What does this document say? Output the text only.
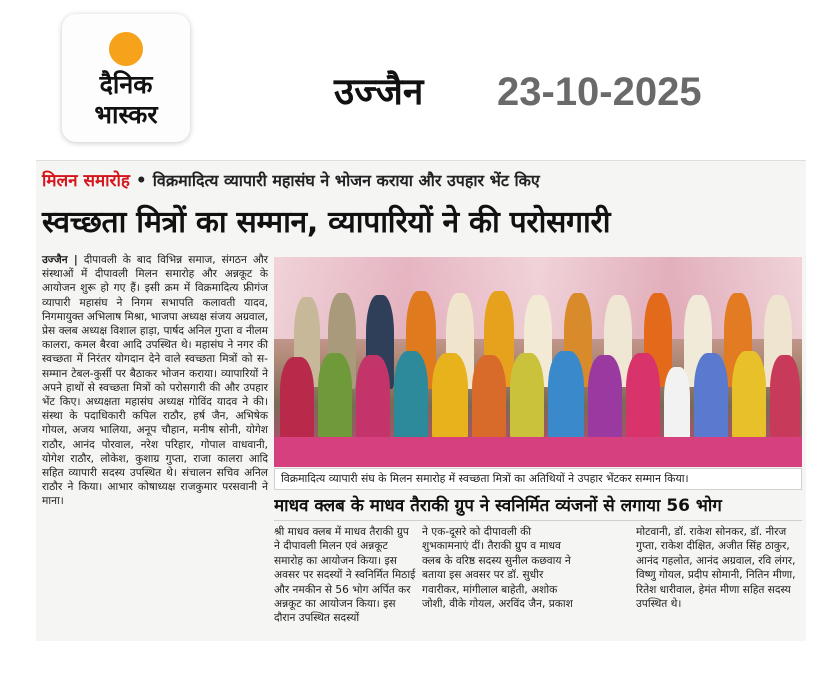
दैनिक
भास्कर
उज्जैन 23-10-2025
मिलन समारोह • विक्रमादित्य व्यापारी महासंघ ने भोजन कराया और उपहार भेंट किए
स्वच्छता मित्रों का सम्मान, व्यापारियों ने की परोसगारी
उज्जैन | दीपावली के बाद विभिन्न समाज, संगठन और संस्थाओं में दीपावली मिलन समारोह और अन्नकूट के आयोजन शुरू हो गए हैं। इसी क्रम में विक्रमादित्य फ्रीगंज व्यापारी महासंघ ने निगम सभापति कलावती यादव, निगमायुक्त अभिलाष मिश्रा, भाजपा अध्यक्ष संजय अग्रवाल, प्रेस क्लब अध्यक्ष विशाल हाड़ा, पार्षद अनिल गुप्ता व नीलम कालरा, कमल बैरवा आदि उपस्थित थे। महासंघ ने नगर की स्वच्छता में निरंतर योगदान देने वाले स्वच्छता मित्रों को स-सम्मान टेबल-कुर्सी पर बैठाकर भोजन कराया। व्यापारियों ने अपने हाथों से स्वच्छता मित्रों को परोसगारी की और उपहार भेंट किए। अध्यक्षता महासंघ अध्यक्ष गोविंद यादव ने की। संस्था के पदाधिकारी कपिल राठौर, हर्ष जैन, अभिषेक गोयल, अजय भालिया, अनूप चौहान, मनीष सोनी, योगेश राठौर, आनंद पोरवाल, नरेश परिहार, गोपाल वाधवानी, योगेश राठौर, लोकेश, कुशाग्र गुप्ता, राजा कालरा आदि सहित व्यापारी सदस्य उपस्थित थे। संचालन सचिव अनिल राठौर ने किया। आभार कोषाध्यक्ष राजकुमार परसवानी ने माना।
विक्रमादित्य व्यापारी संघ के मिलन समारोह में स्वच्छता मित्रों का अतिथियों ने उपहार भेंटकर सम्मान किया।
माधव क्लब के माधव तैराकी ग्रुप ने स्वनिर्मित व्यंजनों से लगाया 56 भोग
श्री माधव क्लब में माधव तैराकी ग्रुप ने दीपावली मिलन एवं अन्नकूट समारोह का आयोजन किया। इस अवसर पर सदस्यों ने स्वनिर्मित मिठाई और नमकीन से 56 भोग अर्पित कर अन्नकूट का आयोजन किया। इस दौरान उपस्थित सदस्यों
ने एक-दूसरे को दीपावली की शुभकामनाएं दीं। तैराकी ग्रुप व माधव क्लब के वरिष्ठ सदस्य सुनील कछवाय ने बताया इस अवसर पर डॉ. सुधीर गवारीकर, मांगीलाल बाहेती, अशोक जोशी, वीके गोयल, अरविंद जैन, प्रकाश
मोटवानी, डॉ. राकेश सोनकर, डॉ. नीरज गुप्ता, राकेश दीक्षित, अजीत सिंह ठाकुर, आनंद गहलोत, आनंद अग्रवाल, रवि लंगर, विष्णु गोयल, प्रदीप सोमानी, नितिन मीणा, रितेश धारीवाल, हेमंत मीणा सहित सदस्य उपस्थित थे।
